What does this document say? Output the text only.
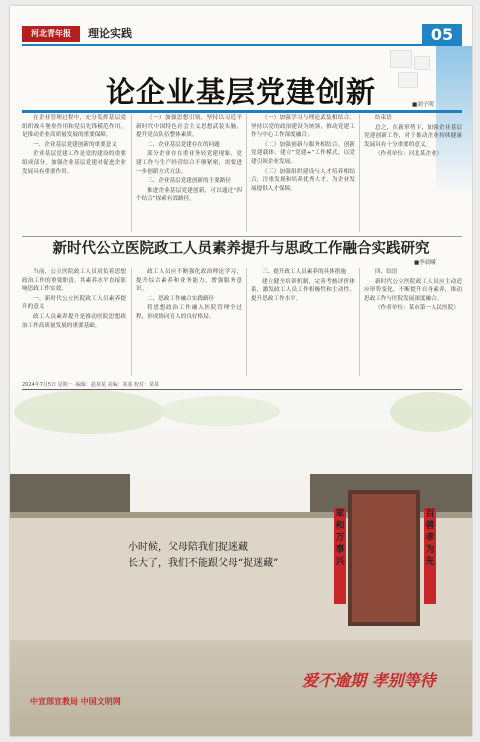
河北青年报	理论实践	05
论企业基层党建创新	■刘子明

在企业管理过程中，充分发挥基层党组织战斗堡垒作用和党员先锋模范作用，是推动企业高质量发展的重要保障。

一、企业基层党建创新的重要意义

企业基层党建工作是党的建设的重要组成部分，加强企业基层党建对促进企业发展具有重要作用。

（一）加强思想引领，坚持以习近平新时代中国特色社会主义思想武装头脑，提升党员队伍整体素质。

二、企业基层党建存在的问题

部分企业存在重业务轻党建现象，党建工作与生产经营结合不够紧密，需要进一步创新方式方法。

三、企业基层党建创新的主要路径

推进企业基层党建创新，可以通过“四个结合”探索有效路径。

（一）加强学习与理论武装相结合。坚持以党的政治建设为统领，推动党建工作与中心工作深度融合。

（二）加强创新与服务相结合。创新党建载体，建立“党建+”工作模式，以党建引领企业发展。

（三）加强组织建设与人才培养相结合，注重发现和培养优秀人才，为企业发展提供人才保障。

结束语

总之，在新形势下，加强企业基层党建创新工作，对于推动企业持续健康发展具有十分重要的意义。

（作者单位：河北某企业）

新时代公立医院政工人员素养提升与思政工作融合实践研究
■李晨曦

当前，公立医院政工人员肩负着思想政治工作的重要职责，其素养水平直接影响思政工作实效。

一、新时代公立医院政工人员素养提升的意义

政工人员素养提升是推动医院思想政治工作高质量发展的重要基础。

政工人员应不断强化政治理论学习，提升综合素养和业务能力，增强服务意识。

二、思政工作融合实践路径

将思想政治工作融入医院管理全过程，形成协同育人的良好格局。

三、提升政工人员素养的具体措施

建立健全培训机制，完善考核评价体系，激发政工人员工作积极性和主动性，提升思政工作水平。

四、结语

新时代公立医院政工人员应主动适应形势变化，不断提升自身素养，推动思政工作与医院发展深度融合。

（作者单位：某市第一人民医院）

2024年7月5日 星期一 ·编辑：赵某某 美编：某某 校对：某某
家和万事兴
百善孝为先
小时候，父母陪我们捉迷藏
长大了，我们不能跟父母“捉迷藏”
爱不逾期 孝别等待
中宣部宣教局 中国文明网
